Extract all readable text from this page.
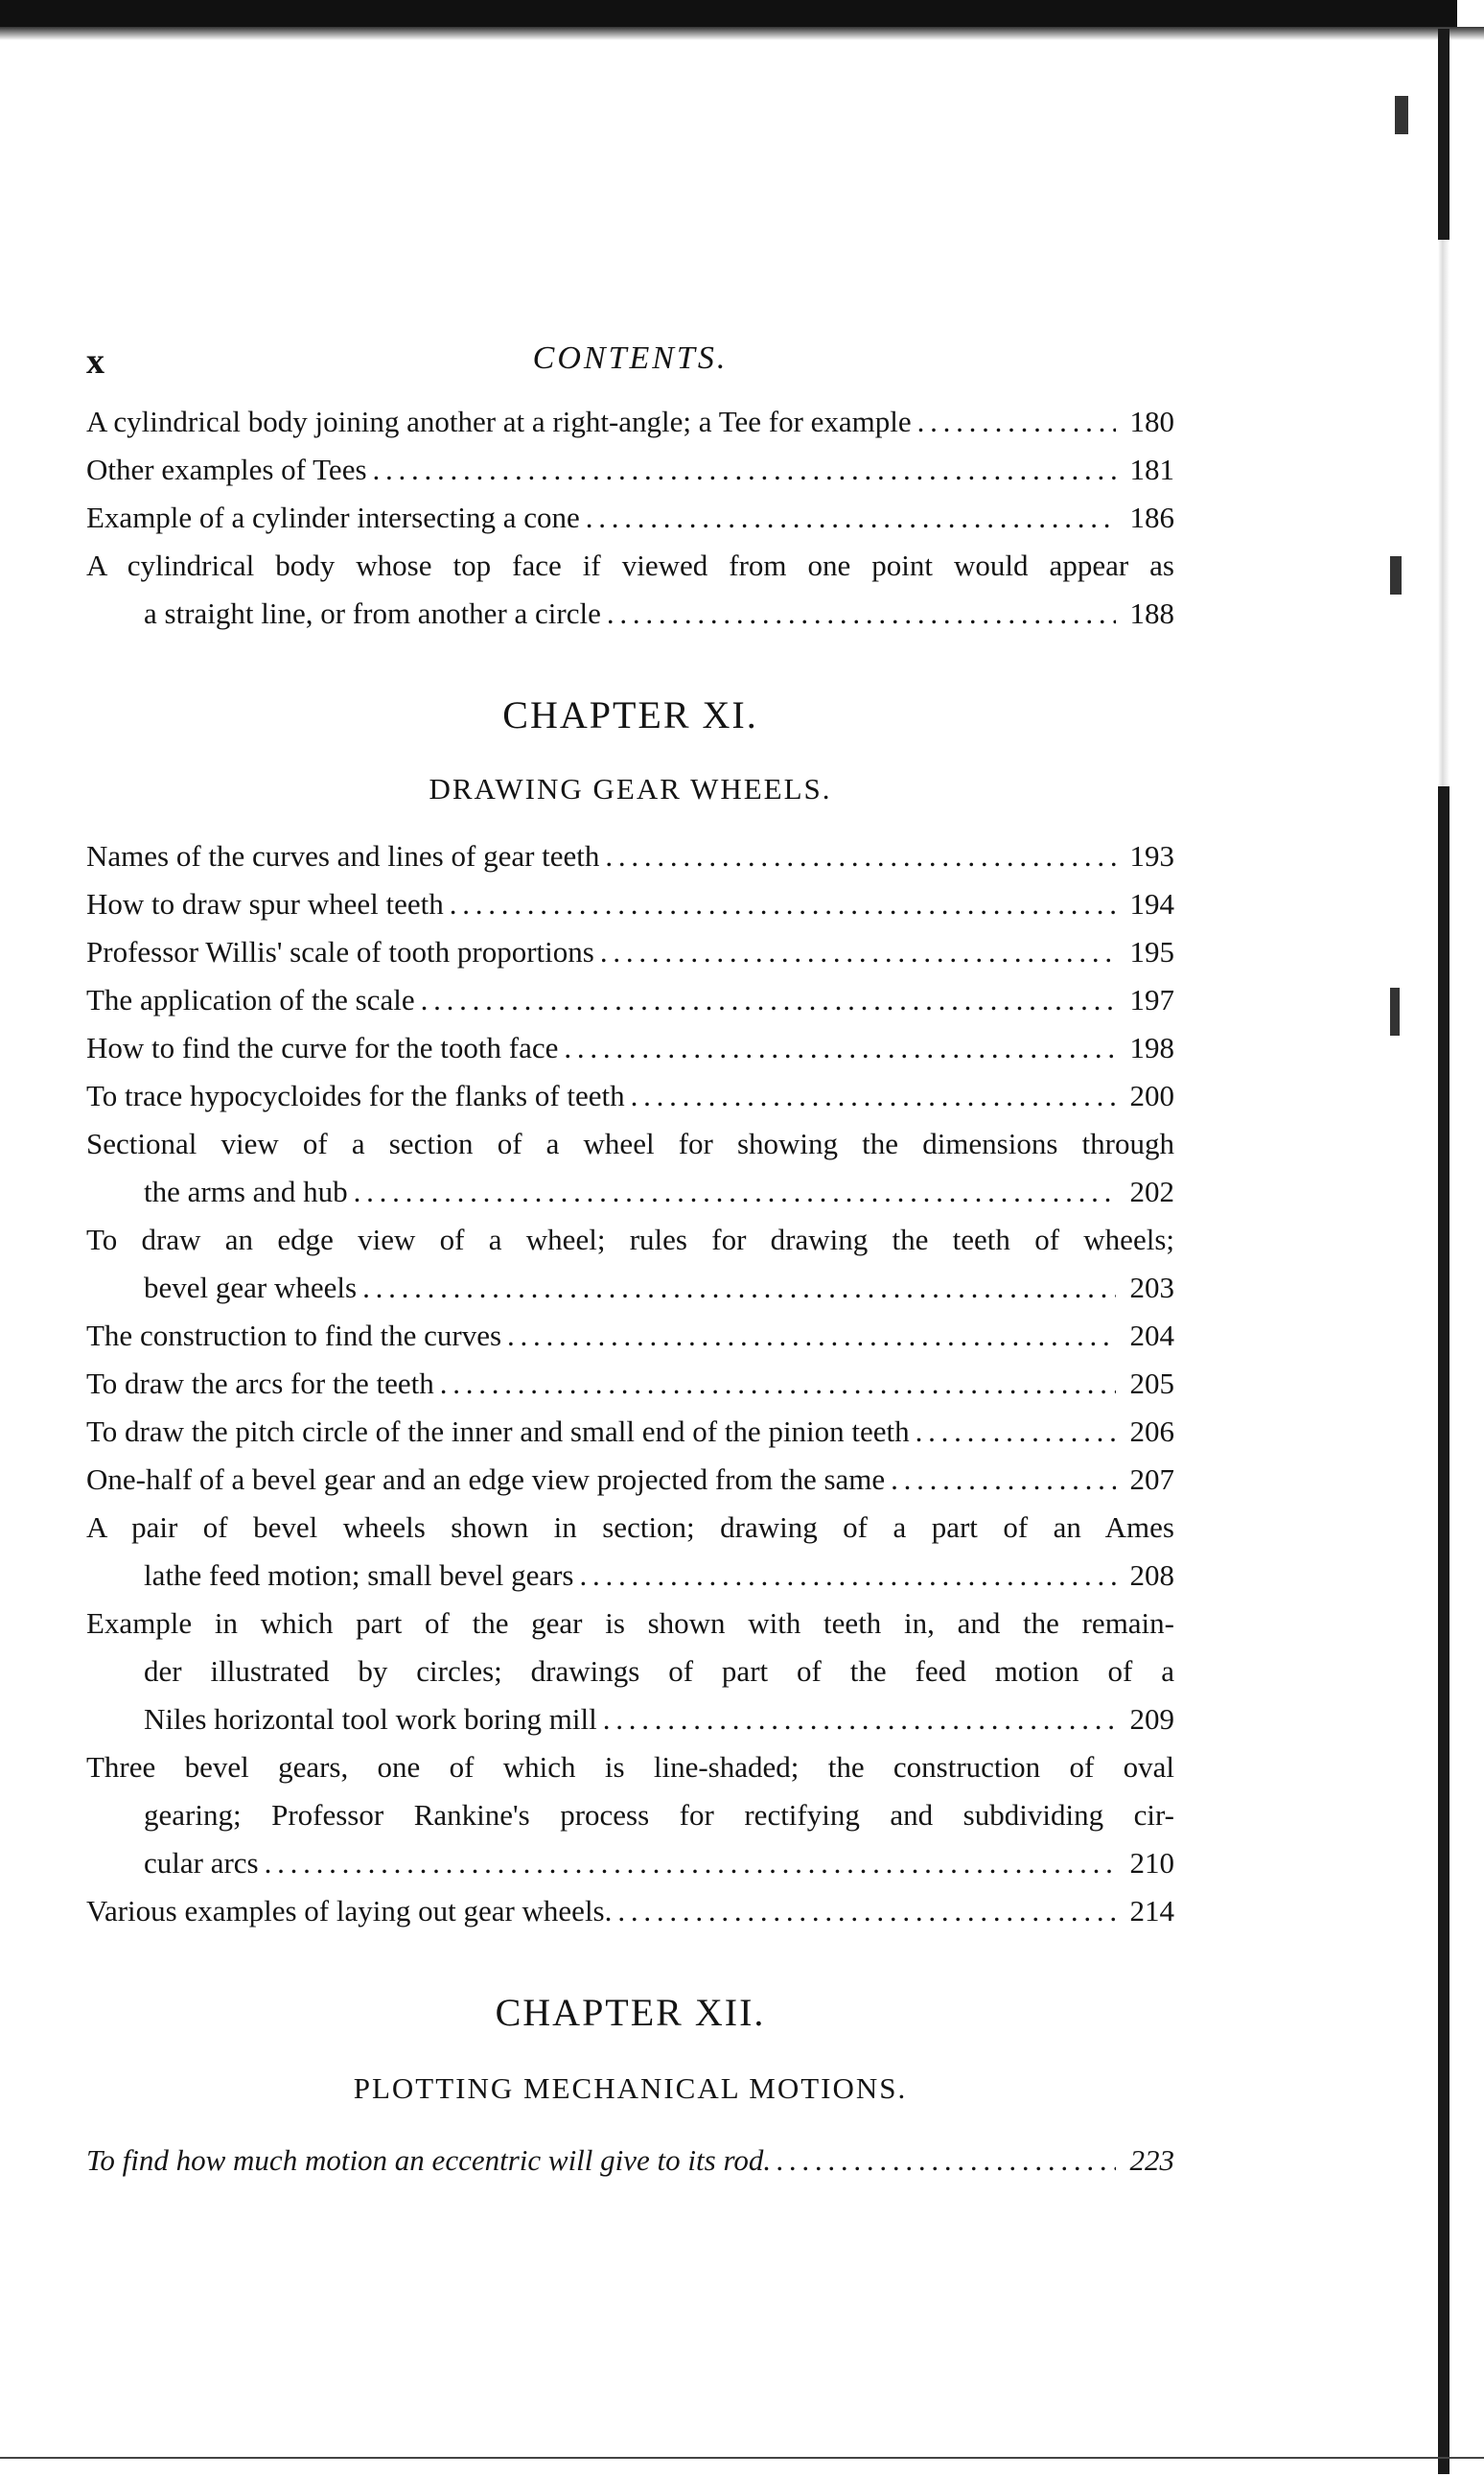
x	CONTENTS.
A cylindrical body joining another at a right-angle; a Tee for example . . .	180
Other examples of Tees . . .	181
Example of a cylinder intersecting a cone . . .	186
A cylindrical body whose top face if viewed from one point would appear as
a straight line, or from another a circle . . .	188
CHAPTER XI.
DRAWING GEAR WHEELS.
Names of the curves and lines of gear teeth . . .	193
How to draw spur wheel teeth . . .	194
Professor Willis' scale of tooth proportions . . .	195
The application of the scale . . .	197
How to find the curve for the tooth face . . .	198
To trace hypocycloides for the flanks of teeth . . .	200
Sectional view of a section of a wheel for showing the dimensions through
the arms and hub . . .	202
To draw an edge view of a wheel; rules for drawing the teeth of wheels;
bevel gear wheels . . .	203
The construction to find the curves . . .	204
To draw the arcs for the teeth . . .	205
To draw the pitch circle of the inner and small end of the pinion teeth . . .	206
One-half of a bevel gear and an edge view projected from the same . . .	207
A pair of bevel wheels shown in section; drawing of a part of an Ames
lathe feed motion; small bevel gears . . .	208
Example in which part of the gear is shown with teeth in, and the remain-
der illustrated by circles; drawings of part of the feed motion of a
Niles horizontal tool work boring mill . . .	209
Three bevel gears, one of which is line-shaded; the construction of oval
gearing; Professor Rankine's process for rectifying and subdividing cir-
cular arcs . . .	210
Various examples of laying out gear wheels. . . .	214
CHAPTER XII.
PLOTTING MECHANICAL MOTIONS.
To find how much motion an eccentric will give to its rod. . . .	223
